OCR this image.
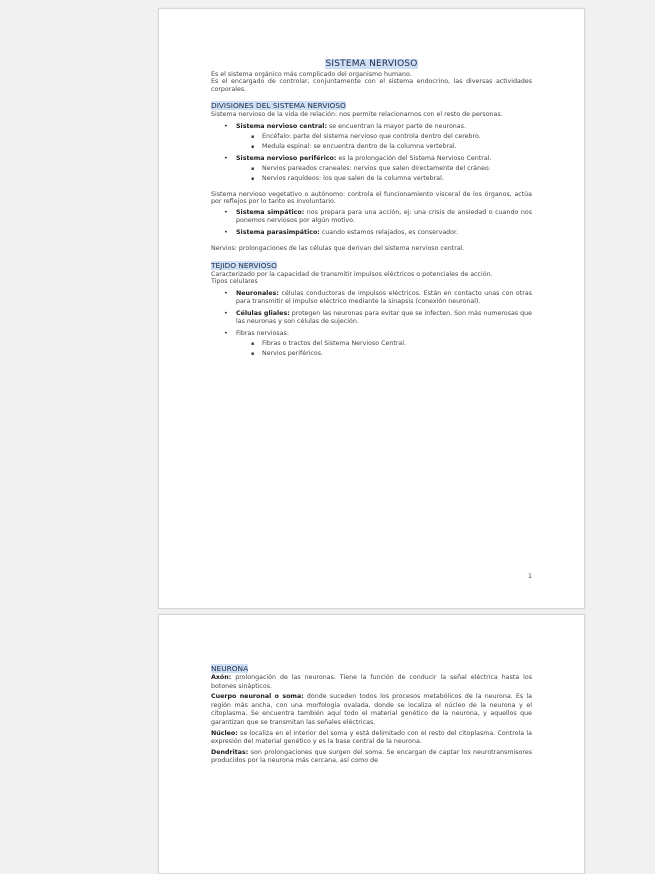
SISTEMA NERVIOSO

Es el sistema orgánico más complicado del organismo humano.

Es el encargado de controlar, conjuntamente con el sistema endocrino, las diversas actividades corporales.

DIVISIONES DEL SISTEMA NERVIOSO

Sistema nervioso de la vida de relación: nos permite relacionarnos con el resto de personas.

• Sistema nervioso central: se encuentran la mayor parte de neuronas.
▪ Encéfalo: parte del sistema nervioso que controla dentro del cerebro.
▪ Medula espinal: se encuentra dentro de la columna vertebral.
• Sistema nervioso periférico: es la prolongación del Sistema Nervioso Central.
▪ Nervios pareados craneales: nervios que salen directamente del cráneo.
▪ Nervios raquídeos: los que salen de la columna vertebral.

Sistema nervioso vegetativo o autónomo: controla el funcionamiento visceral de los órganos, actúa por reflejos por lo tanto es involuntario.

• Sistema simpático: nos prepara para una acción, ej: una crisis de ansiedad o cuando nos ponemos nerviosos por algún motivo.
• Sistema parasimpático: cuando estamos relajados, es conservador.

Nervios: prolongaciones de las células que derivan del sistema nervioso central.

TEJIDO NERVIOSO

Caracterizado por la capacidad de transmitir impulsos eléctricos o potenciales de acción.

Tipos celulares

• Neuronales: células conductoras de impulsos eléctricos. Están en contacto unas con otras para transmitir el impulso eléctrico mediante la sinapsis (conexión neuronal).
• Células gliales: protegen las neuronas para evitar que se infecten. Son más numerosas que las neuronas y son células de sujeción.
• Fibras nerviosas:
▪ Fibras o tractos del Sistema Nervioso Central.
▪ Nervios periféricos.
1

NEURONA

Axón: prolongación de las neuronas. Tiene la función de conducir la señal eléctrica hasta los botones sinápticos.

Cuerpo neuronal o soma: donde suceden todos los procesos metabólicos de la neurona. Es la región más ancha, con una morfología ovalada, donde se localiza el núcleo de la neurona y el citoplasma. Se encuentra también aquí todo el material genético de la neurona, y aquellos que garantizan que se transmitan las señales eléctricas.

Núcleo: se localiza en el interior del soma y está delimitado con el resto del citoplasma. Controla la expresión del material genético y es la base central de la neurona.

Dendritas: son prolongaciones que surgen del soma. Se encargan de captar los neurotransmisores producidos por la neurona más cercana, así como de
